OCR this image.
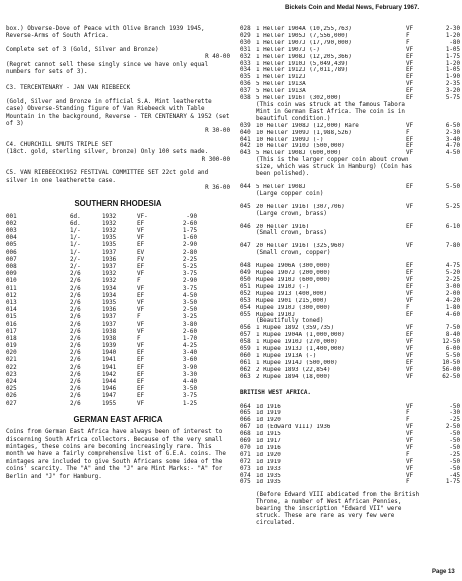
Bickels Coin and Medal News, February 1967.
box.) Obverse-Dove of Peace with Olive Branch 1939 1945, Reverse-Arms of South Africa.
Complete set of 3 (Gold, Silver and Bronze)
R 40-00
(Regret cannot sell these singly since we have only equal numbers for sets of 3).
C3. TERCENTENARY - JAN VAN RIEBEECK
(Gold, Silver and Bronze in official S.A. Mint leatherette case) Obverse-Standing figure of Van Riebeeck with Table Mountain in the background, Reverse - TER CENTENARY & 1952 (set of 3)
R 30-00
C4. CHURCHILL SMUTS TRIPLE SET
(18ct. gold, sterling silver, bronze) Only 100 sets made.
R 300-00
C5. VAN RIEBEECK1952 FESTIVAL COMMITTEE SET 22ct gold and silver in one leatherette case.
R 36-00
SOUTHERN RHODESIA
001	6d.	1932	VF-	-90
002	6d.	1932	EF	2-60
003	1/-	1932	VF	1-75
004	1/-	1935	VF	1-60
005	1/-	1935	EF	2-90
006	1/-	1937	EV	2-80
007	2/-	1936	FV	2-25
008	2/-	1937	EF	5-25
009	2/6	1932	VF	3-75
010	2/6	1932	F	2-90
011	2/6	1934	VF	3-75
012	2/6	1934	EF	4-50
013	2/6	1935	VF	3-50
014	2/6	1936	VF	2-50
015	2/6	1937	F	3-25
016	2/6	1937	VF	3-80
017	2/6	1938	VF	2-60
018	2/6	1938	F	1-70
019	2/6	1939	VF	4-25
020	2/6	1940	EF	3-40
021	2/6	1941	EF	3-60
022	2/6	1941	EF	3-90
023	2/6	1942	EF	3-30
024	2/6	1944	EF	4-40
025	2/6	1946	EF	3-50
026	2/6	1947	EF	3-75
027	2/6	1955	VF	1-25
GERMAN EAST AFRICA
Coins from German East Africa have always been of interest to discerning South Africa collectors. Because of the very small mintages, these coins are becoming increasingly rare. This month we have a fairly comprehensive list of G.E.A. coins. The mintages are included to give South Africans some idea of the coins' scarcity. The "A" and the "J" are Mint Marks:- "A" for Berlin and "J" for Hamburg.
028 1 Heller 1904A (10,255,763)	VF	2-30
029 1 Heller 1905J (7,556,000)	F	1-20
030 1 Heller 1907J (17,790,000)	F	-80
031 1 Heller 1907J (-)	VF	1-05
032 1 Heller 1908J (12,205,366)	EF	1-75
033 1 Heller 1910J (5,049,439)	VF	1-20
034 1 Heller 1912J (7,011,789)	EF	1-05
035 1 Heller 1912J	EF	1-90
036 5 Heller 1913A	VF	2-35
037 5 Heller 1913A	EF	3-20
038 5 Heller 1916T (302,000)	EF	5-75
(This coin was struck at the famous Tabora Mint in German East Africa. The coin is in beautiful condition.)
039 10 Heller 1908J (12,000) Rare	VF	6-50
040 10 Heller 1909J (1,988,526)	F	2-30
041 10 Heller 1909J (-)	EF	3-40
042 10 Heller 1910J (500,000)	EF	4-70
043 5 Heller 1908J (600,000)	VF	4-50
(This is the larger copper coin about crown size, which was struck in Hamburg) (Coin has been polished).
044 5 Heller 1908J	EF	5-50
(Large copper coin)
045 20 Heller 1916T (307,706)	VF	5-25
(Large crown, brass)
046 20 Heller 1916T	EF	6-10
(Small crown, brass)
047 20 Heller 1916T (325,960)	VF	7-80
(Small crown, copper)
048 Rupee 1906A (300,000)	EF	4-75
049 Rupee 1907J (200,000)	EF	5-20
050 Rupee 1910J (600,000)	VF	2-25
051 Rupee 1910J (-)	EF	3-00
052 Rupee 1913 (400,000)	VF	2-00
053 Rupee 1901 (215,000)	VF	4-20
054 Rupee 1910J (300,000)	F	1-80
055 Rupee 1910J	EF	4-60
(Beautifully toned)
056 1 Rupee 1892 (359,735)	VF	7-50
057 1 Rupee 1904A (1,000,000)	EF	8-40
058 1 Rupee 1910J (270,000)	VF	12-50
059 1 Rupee 1913J (1,400,000)	VF	6-00
060 1 Rupee 1913A (-)	VF	5-50
061 1 Rupee 1914J (500,000)	EF	10-50
062 2 Rupee 1893 (22,854)	VF	56-00
063 2 Rupee 1894 (18,000)	VF	62-50
BRITISH WEST AFRICA.
064 1d 1916	VF	-50
065 1d 1919	F	-30
066 1d 1920	F	-25
067 1d (Edward VIII) 1936	VF	2-50
068 1d 1915	VF	-50
069 1d 1917	VF	-50
070 1d 1916	VF	-50
071 1d 1920	F	-25
072 1d 1919	VF	-50
073 1d 1933	VF	-50
074 1d 1935	VF	-45
075 1d 1935	F	1-75
(Before Edward VIII abdicated from the British Throne, a number of West African Pennies, bearing the inscription "Edward VII" were struck. These are rare as very few were circulated.
Page 13
